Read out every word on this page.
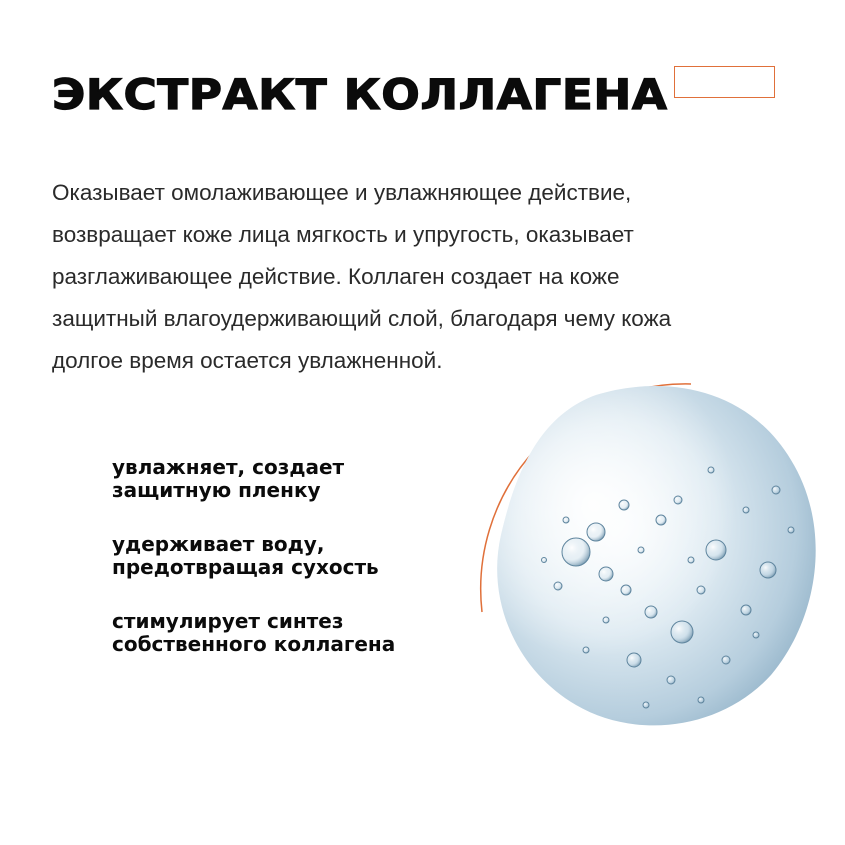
ЭКСТРАКТ КОЛЛАГЕНА

Оказывает омолаживающее и увлажняющее действие,
возвращает коже лица мягкость и упругость, оказывает
разглаживающее действие. Коллаген создает на коже
защитный влагоудерживающий слой, благодаря чему кожа
долгое время остается увлажненной.

увлажняет, создает
защитную пленку
удерживает воду,
предотвращая сухость
стимулирует синтез
собственного коллагена
